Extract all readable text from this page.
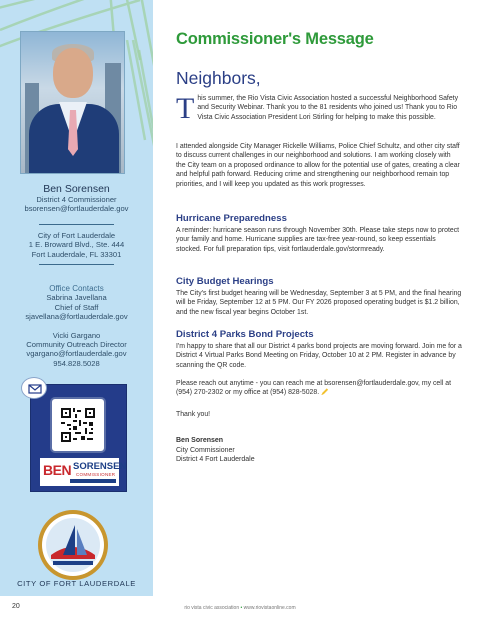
Ben Sorensen
District 4 Commissioner
bsorensen@fortlauderdale.gov
City of Fort Lauderdale
1 E. Broward Blvd., Ste. 444
Fort Lauderdale, FL 33301
Office Contacts
Sabrina Javellana
Chief of Staff
sjavellana@fortlauderdale.gov
Vicki Gargano
Community Outreach Director
vgargano@fortlauderdale.gov
954.828.5028
BEN SORENSEN
COMMISSIONER
CITY OF FORT LAUDERDALE
Commissioner's Message
Neighbors,
This summer, the Rio Vista Civic Association hosted a successful Neighborhood Safety and Security Webinar. Thank you to the 81 residents who joined us! Thank you to Rio Vista Civic Association President Lori Stirling for helping to make this possible.
I attended alongside City Manager Rickelle Williams, Police Chief Schultz, and other city staff to discuss current challenges in our neighborhood and solutions. I am working closely with the City team on a proposed ordinance to allow for the potential use of gates, creating a clear and helpful path forward. Reducing crime and strengthening our neighborhood remain top priorities, and I will keep you updated as this work progresses.
Hurricane Preparedness
A reminder: hurricane season runs through November 30th. Please take steps now to protect your family and home. Hurricane supplies are tax-free year-round, so keep essentials stocked. For full preparation tips, visit fortlauderdale.gov/stormready.
City Budget Hearings
The City's first budget hearing will be Wednesday, September 3 at 5 PM, and the final hearing will be Friday, September 12 at 5 PM. Our FY 2026 proposed operating budget is $1.2 billion, and the new fiscal year begins October 1st.
District 4 Parks Bond Projects
I'm happy to share that all our District 4 parks bond projects are moving forward. Join me for a District 4 Virtual Parks Bond Meeting on Friday, October 10 at 2 PM. Register in advance by scanning the QR code.
Please reach out anytime - you can reach me at bsorensen@fortlauderdale.gov, my cell at (954) 270-2302 or my office at (954) 828-5028.
Thank you!
Ben Sorensen
City Commissioner
District 4 Fort Lauderdale
20	rio vista civic association • www.riovistaonline.com
